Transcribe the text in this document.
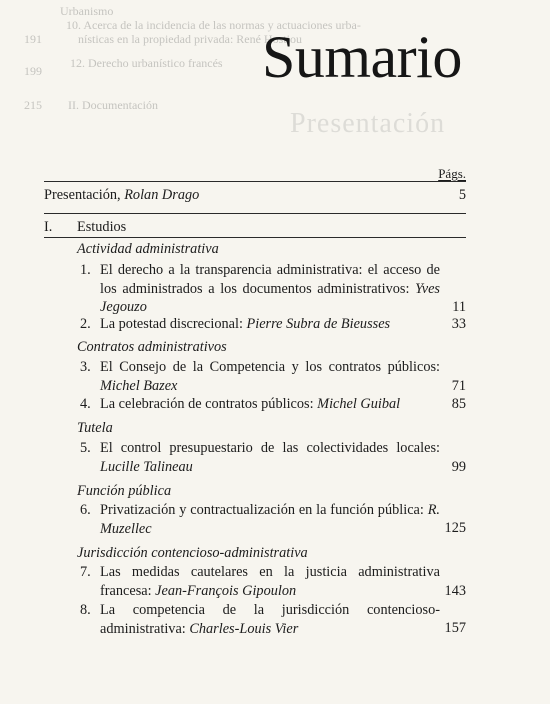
Urbanismo
10. Acerca de la incidencia de las normas y actuaciones urba-
nísticas en la propiedad privada: René Hostiou
12. Derecho urbanístico francés
II. Documentación
191
199
215
Presentación
Sumario
Págs.
Presentación, Rolan Drago	5
I. Estudios
Actividad administrativa
1. El derecho a la transparencia administrativa: el acceso de los administrados a los documentos administrativos: Yves Jegouzo	11
2. La potestad discrecional: Pierre Subra de Bieusses	33
Contratos administrativos
3. El Consejo de la Competencia y los contratos públicos: Michel Bazex	71
4. La celebración de contratos públicos: Michel Guibal	85
Tutela
5. El control presupuestario de las colectividades locales: Lucille Talineau	99
Función pública
6. Privatización y contractualización en la función pública: R. Muzellec	125
Jurisdicción contencioso-administrativa
7. Las medidas cautelares en la justicia administrativa francesa: Jean-François Gipoulon	143
8. La competencia de la jurisdicción contencioso-administrativa: Charles-Louis Vier	157
